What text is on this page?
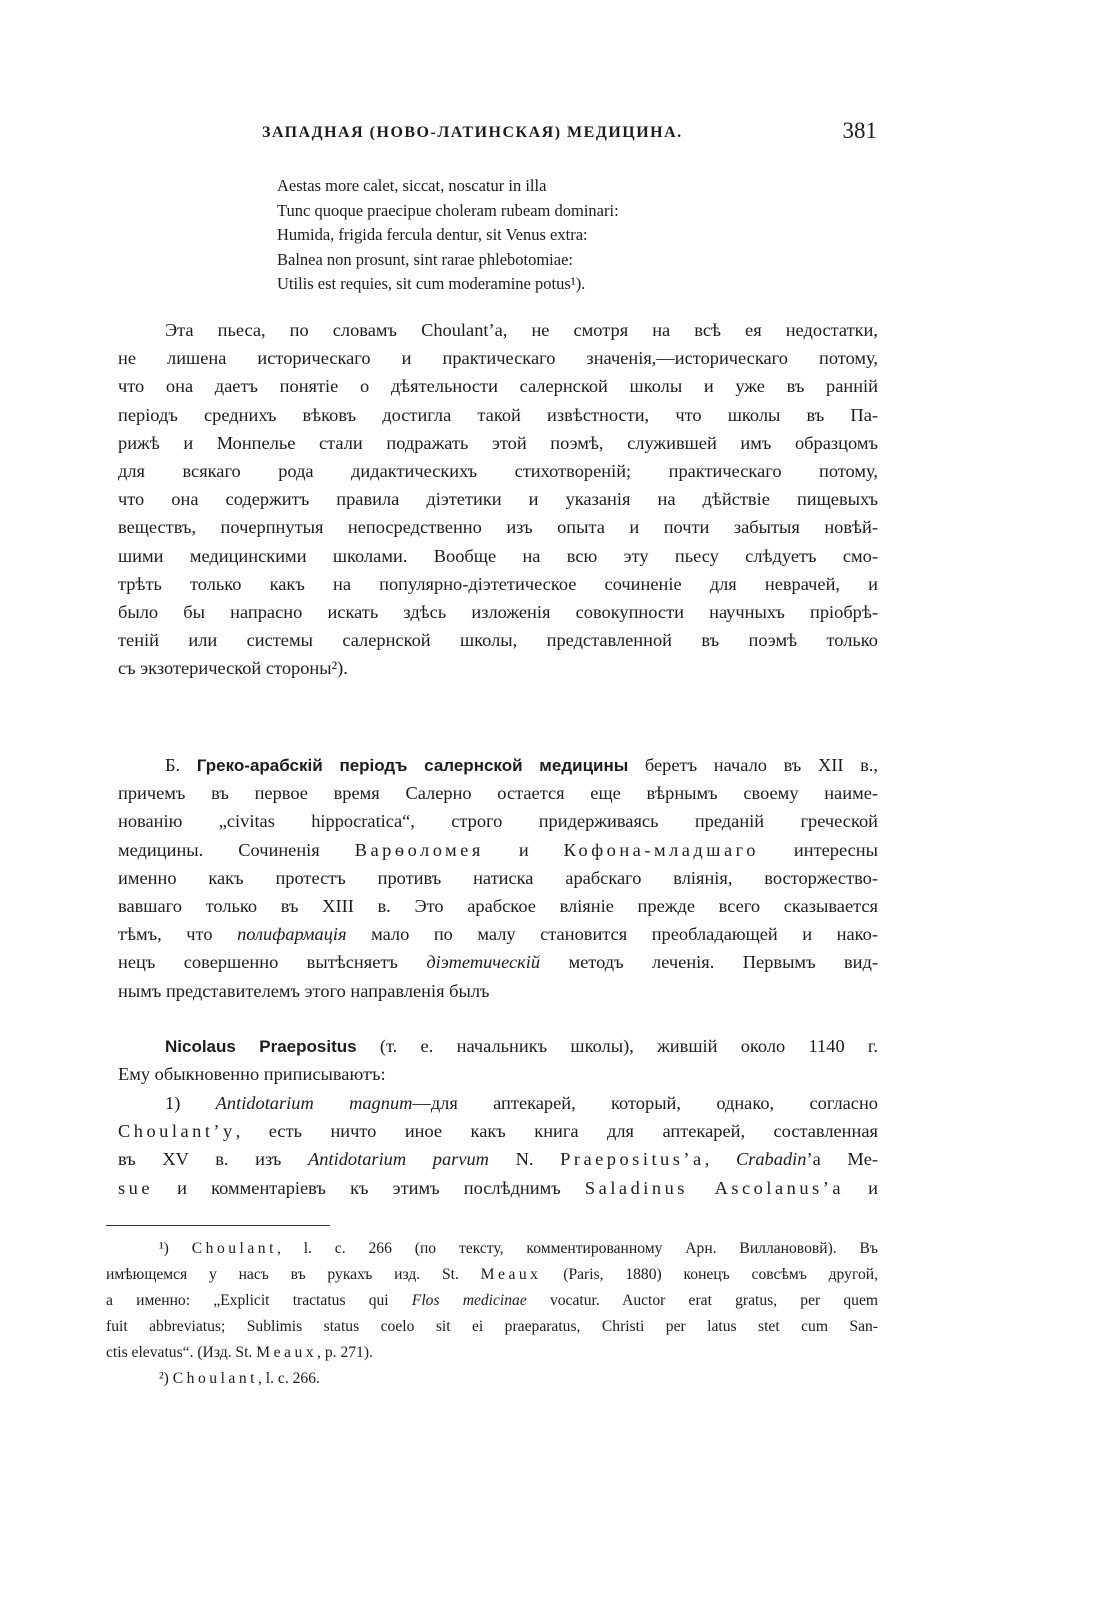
ЗАПАДНАЯ (НОВО-ЛАТИНСКАЯ) МЕДИЦИНА.	381
Aestas more calet, siccat, noscatur in illa
Tunc quoque praecipue choleram rubeam dominari:
Humida, frigida fercula dentur, sit Venus extra:
Balnea non prosunt, sint rarae phlebotomiae:
Utilis est requies, sit cum moderamine potus¹).
Эта пьеса, по словамъ Choulant’a, не смотря на всѣ ея недостатки,
не лишена историческаго и практическаго значенія,—историческаго потому,
что она даетъ понятіе о дѣятельности салернской школы и уже въ ранній
періодъ среднихъ вѣковъ достигла такой извѣстности, что школы въ Па-
рижѣ и Монпелье стали подражать этой поэмѣ, служившей имъ образцомъ
для всякаго рода дидактическихъ стихотвореній; практическаго потому,
что она содержитъ правила діэтетики и указанія на дѣйствіе пищевыхъ
веществъ, почерпнутыя непосредственно изъ опыта и почти забытыя новѣй-
шими медицинскими школами. Вообще на всю эту пьесу слѣдуетъ смо-
трѣть только какъ на популярно-діэтетическое сочиненіе для неврачей, и
было бы напрасно искать здѣсь изложенія совокупности научныхъ пріобрѣ-
теній или системы салернской школы, представленной въ поэмѣ только
съ экзотерической стороны²).
Б. Греко-арабскій періодъ салернской медицины беретъ начало въ XII в.,
причемъ въ первое время Салерно остается еще вѣрнымъ своему наиме-
нованію „civitas hippocratica“, строго придерживаясь преданій греческой
медицины. Сочиненія Варѳоломея и Кофона-младшаго интересны
именно какъ протестъ противъ натиска арабскаго вліянія, восторжество-
вавшаго только въ XIII в. Это арабское вліяніе прежде всего сказывается
тѣмъ, что полифармація мало по малу становится преобладающей и нако-
нецъ совершенно вытѣсняетъ діэтетическій методъ леченія. Первымъ вид-
нымъ представителемъ этого направленія былъ
Nicolaus Praepositus (т. е. начальникъ школы), жившій около 1140 г.
Ему обыкновенно приписываютъ:
1) Antidotarium magnum—для аптекарей, который, однако, согласно
Choulant’y, есть ничто иное какъ книга для аптекарей, составленная
въ XV в. изъ Antidotarium parvum N. Praepositus’a, Crabadin’a Me-
sue и комментаріевъ къ этимъ послѣднимъ Saladinus Ascolanus’a и
¹) Choulant, l. c. 266 (по тексту, комментированному Арн. Вилланововй). Въ
имѣющемся у насъ въ рукахъ изд. St. Meaux (Paris, 1880) конецъ совсѣмъ другой,
а именно: „Explicit tractatus qui Flos medicinae vocatur. Auctor erat gratus, per quem
fuit abbreviatus; Sublimis status coelo sit ei praeparatus, Christi per latus stet cum San-
ctis elevatus“. (Изд. St. Meaux, p. 271).
²) Choulant, l. c. 266.
